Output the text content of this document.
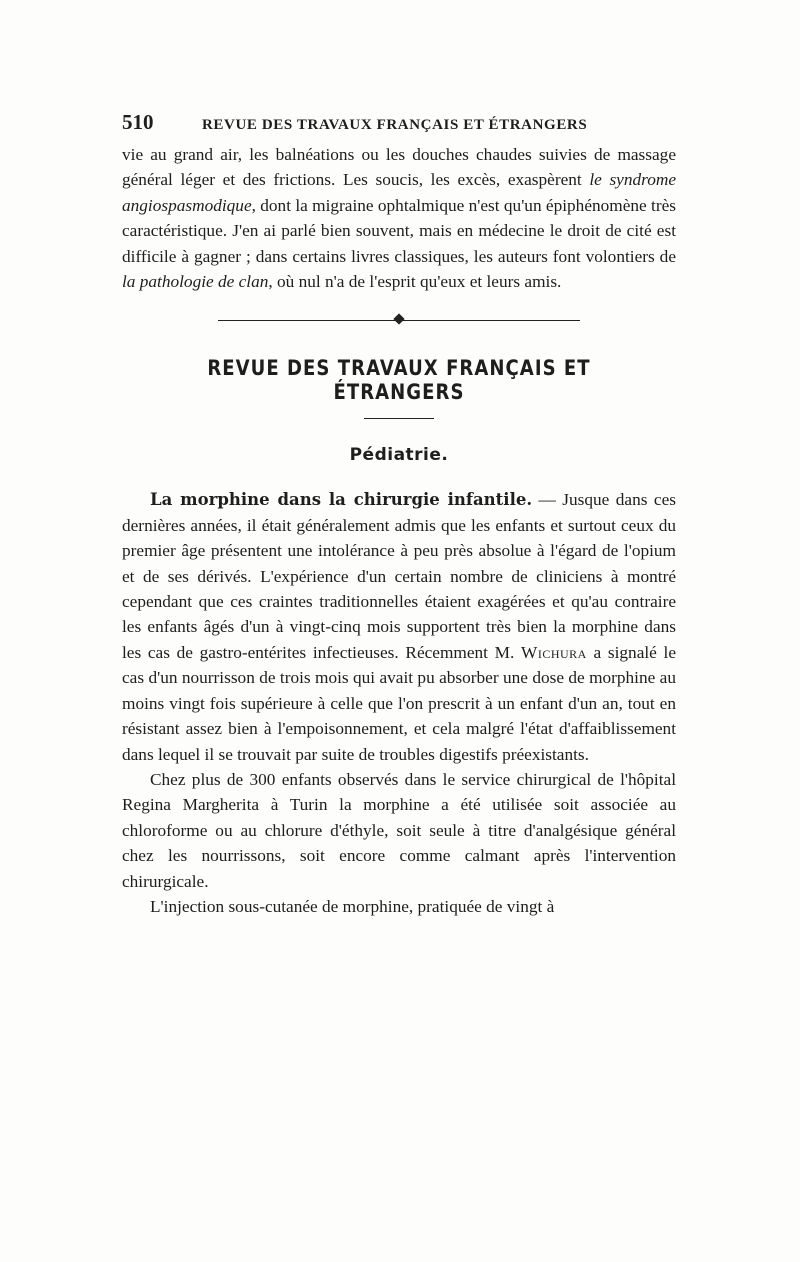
510	REVUE DES TRAVAUX FRANÇAIS ET ÉTRANGERS

vie au grand air, les balnéations ou les douches chaudes suivies de massage général léger et des frictions. Les soucis, les excès, exaspèrent le syndrome angiospasmodique, dont la migraine ophtalmique n'est qu'un épiphénomène très caractéristique. J'en ai parlé bien souvent, mais en médecine le droit de cité est difficile à gagner ; dans certains livres classiques, les auteurs font volontiers de la pathologie de clan, où nul n'a de l'esprit qu'eux et leurs amis.

REVUE DES TRAVAUX FRANÇAIS ET ÉTRANGERS
Pédiatrie.

La morphine dans la chirurgie infantile. — Jusque dans ces dernières années, il était généralement admis que les enfants et surtout ceux du premier âge présentent une intolérance à peu près absolue à l'égard de l'opium et de ses dérivés. L'expérience d'un certain nombre de cliniciens à montré cependant que ces craintes traditionnelles étaient exagérées et qu'au contraire les enfants âgés d'un à vingt-cinq mois supportent très bien la morphine dans les cas de gastro-entérites infectieuses. Récemment M. Wichura a signalé le cas d'un nourrisson de trois mois qui avait pu absorber une dose de morphine au moins vingt fois supérieure à celle que l'on prescrit à un enfant d'un an, tout en résistant assez bien à l'empoisonnement, et cela malgré l'état d'affaiblissement dans lequel il se trouvait par suite de troubles digestifs préexistants.

Chez plus de 300 enfants observés dans le service chirurgical de l'hôpital Regina Margherita à Turin la morphine a été utilisée soit associée au chloroforme ou au chlorure d'éthyle, soit seule à titre d'analgésique général chez les nourrissons, soit encore comme calmant après l'intervention chirurgicale.

L'injection sous-cutanée de morphine, pratiquée de vingt à
